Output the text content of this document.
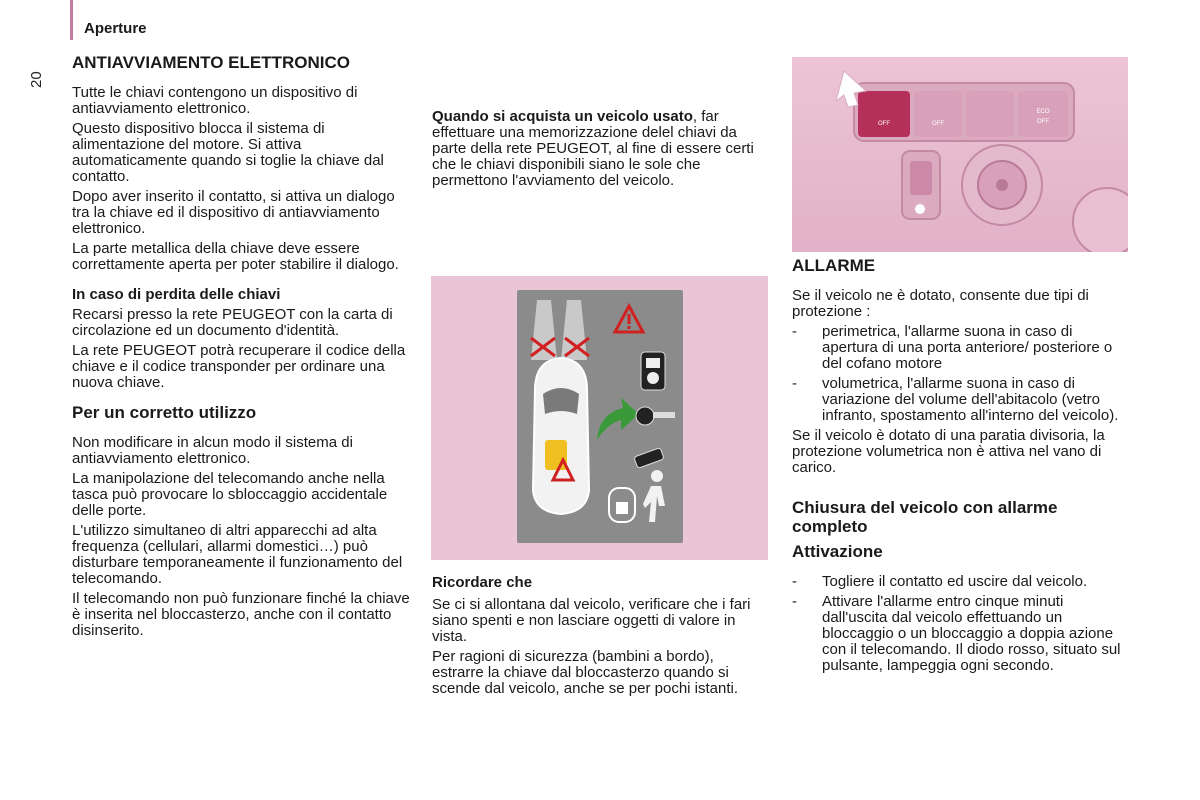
Aperture
20
ANTIAVVIAMENTO ELETTRONICO

Tutte le chiavi contengono un dispositivo di antiavviamento elettronico.

Questo dispositivo blocca il sistema di alimentazione del motore. Si attiva automaticamente quando si toglie la chiave dal contatto.

Dopo aver inserito il contatto, si attiva un dialogo tra la chiave ed il dispositivo di antiavviamento elettronico.

La parte metallica della chiave deve essere correttamente aperta per poter stabilire il dialogo.

In caso di perdita delle chiavi

Recarsi presso la rete PEUGEOT con la carta di circolazione ed un documento d'identità.

La rete PEUGEOT potrà recuperare il codice della chiave e il codice transponder per ordinare una nuova chiave.

Per un corretto utilizzo

Non modificare in alcun modo il sistema di antiavviamento elettronico.

La manipolazione del telecomando anche nella tasca può provocare lo sbloccaggio accidentale delle porte.

L'utilizzo simultaneo di altri apparecchi ad alta frequenza (cellulari, allarmi domestici…) può disturbare temporaneamente il funzionamento del telecomando.

Il telecomando non può funzionare finché la chiave è inserita nel bloccasterzo, anche con il contatto disinserito.

Quando si acquista un veicolo usato, far effettuare una memorizzazione delel chiavi da parte della rete PEUGEOT, al fine di essere certi che le chiavi disponibili siano le sole che permettono l'avviamento del veicolo.

Ricordare che

Se ci si allontana dal veicolo, verificare che i fari siano spenti e non lasciare oggetti di valore in vista.

Per ragioni di sicurezza (bambini a bordo), estrarre la chiave dal bloccasterzo quando si scende dal veicolo, anche se per pochi istanti.

OFF	OFF
ECO
OFF
ALLARME

Se il veicolo ne è dotato, consente due tipi di protezione :

- perimetrica, l'allarme suona in caso di apertura di una porta anteriore/ posteriore o del cofano motore
- volumetrica, l'allarme suona in caso di variazione del volume dell'abitacolo (vetro infranto, spostamento all'interno del veicolo).

Se il veicolo è dotato di una paratia divisoria, la protezione volumetrica non è attiva nel vano di carico.

Chiusura del veicolo con allarme completo
Attivazione
- Togliere il contatto ed uscire dal veicolo.
- Attivare l'allarme entro cinque minuti dall'uscita dal veicolo effettuando un bloccaggio o un bloccaggio a doppia azione con il telecomando. Il diodo rosso, situato sul pulsante, lampeggia ogni secondo.
